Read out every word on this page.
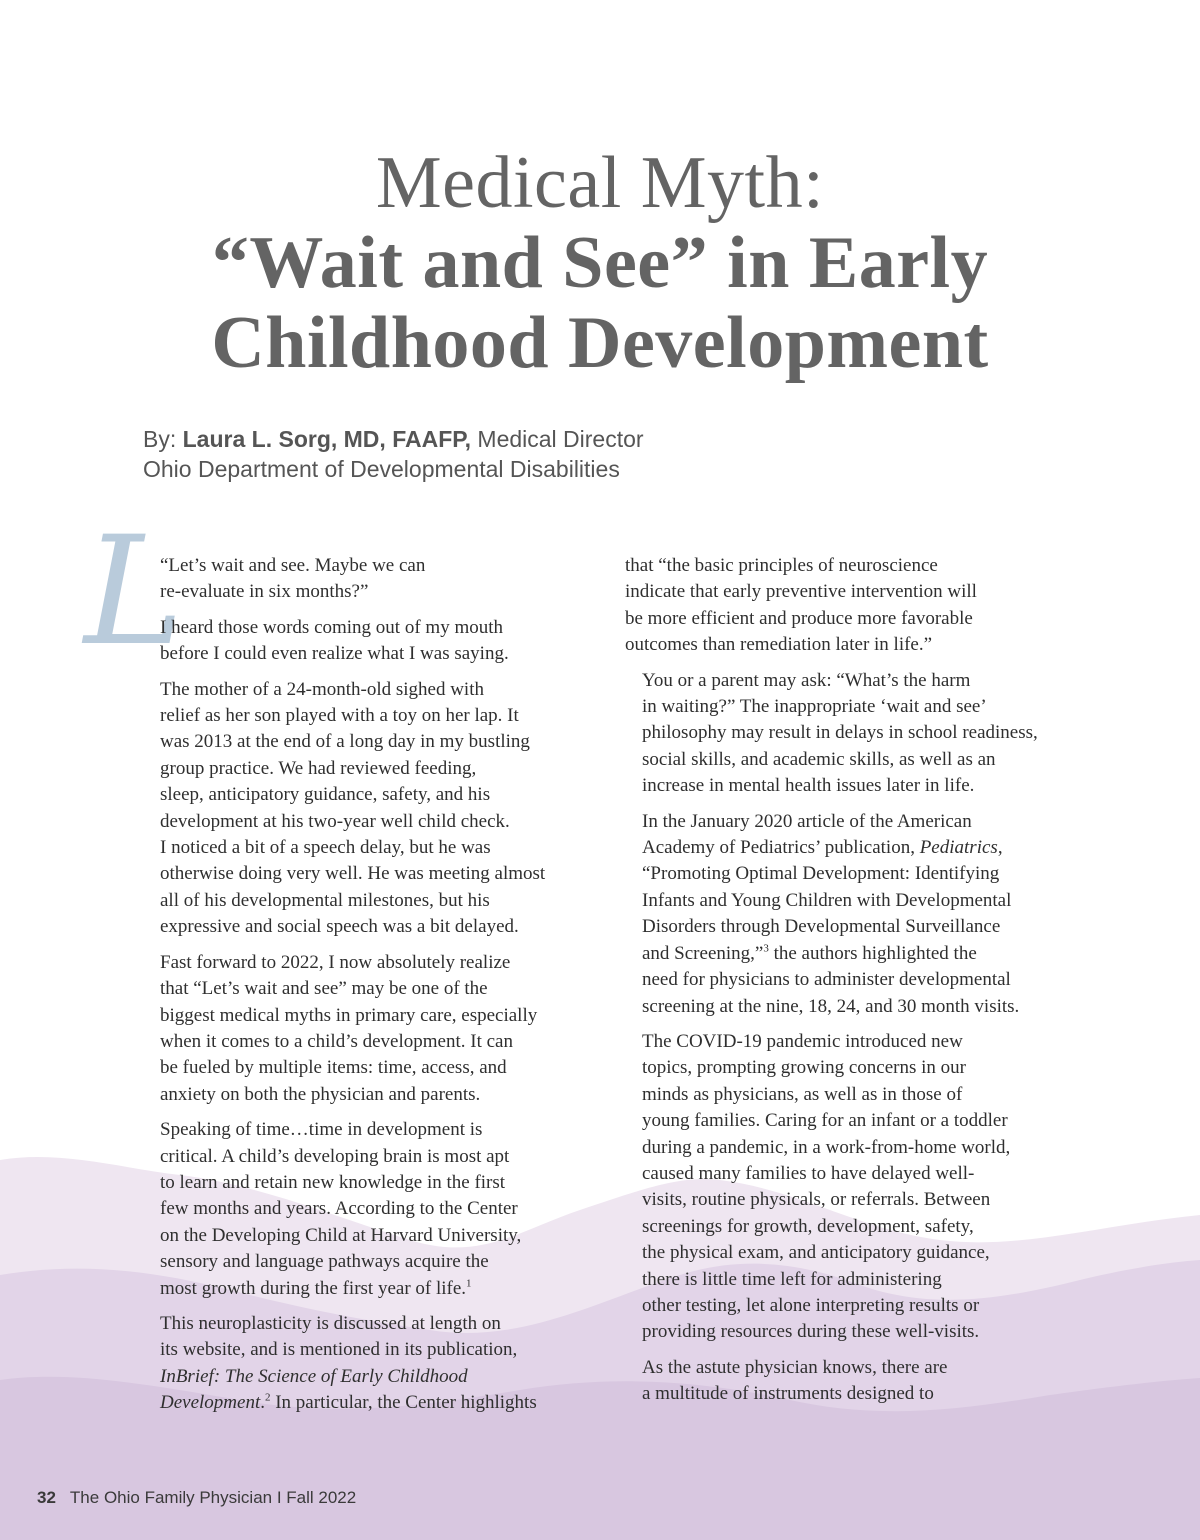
Medical Myth:
“Wait and See” in Early
Childhood Development
By: Laura L. Sorg, MD, FAAFP, Medical Director
Ohio Department of Developmental Disabilities
L

“Let’s wait and see. Maybe we can
re-evaluate in six months?”

I heard those words coming out of my mouth
before I could even realize what I was saying.

The mother of a 24-month-old sighed with
relief as her son played with a toy on her lap. It
was 2013 at the end of a long day in my bustling
group practice. We had reviewed feeding,
sleep, anticipatory guidance, safety, and his
development at his two-year well child check.
I noticed a bit of a speech delay, but he was
otherwise doing very well. He was meeting almost
all of his developmental milestones, but his
expressive and social speech was a bit delayed.

Fast forward to 2022, I now absolutely realize
that “Let’s wait and see” may be one of the
biggest medical myths in primary care, especially
when it comes to a child’s development. It can
be fueled by multiple items: time, access, and
anxiety on both the physician and parents.

Speaking of time…time in development is
critical. A child’s developing brain is most apt
to learn and retain new knowledge in the first
few months and years. According to the Center
on the Developing Child at Harvard University,
sensory and language pathways acquire the
most growth during the first year of life.$^1$

This neuroplasticity is discussed at length on
its website, and is mentioned in its publication,
InBrief: The Science of Early Childhood
Development.$^2$ In particular, the Center highlights

that “the basic principles of neuroscience
indicate that early preventive intervention will
be more efficient and produce more favorable
outcomes than remediation later in life.”

You or a parent may ask: “What’s the harm
in waiting?” The inappropriate ‘wait and see’
philosophy may result in delays in school readiness,
social skills, and academic skills, as well as an
increase in mental health issues later in life.

In the January 2020 article of the American
Academy of Pediatrics’ publication, Pediatrics,
“Promoting Optimal Development: Identifying
Infants and Young Children with Developmental
Disorders through Developmental Surveillance
and Screening,”$^3$ the authors highlighted the
need for physicians to administer developmental
screening at the nine, 18, 24, and 30 month visits.

The COVID-19 pandemic introduced new
topics, prompting growing concerns in our
minds as physicians, as well as in those of
young families. Caring for an infant or a toddler
during a pandemic, in a work-from-home world,
caused many families to have delayed well-
visits, routine physicals, or referrals. Between
screenings for growth, development, safety,
the physical exam, and anticipatory guidance,
there is little time left for administering
other testing, let alone interpreting results or
providing resources during these well-visits.

As the astute physician knows, there are
a multitude of instruments designed to

32 The Ohio Family Physician I Fall 2022
